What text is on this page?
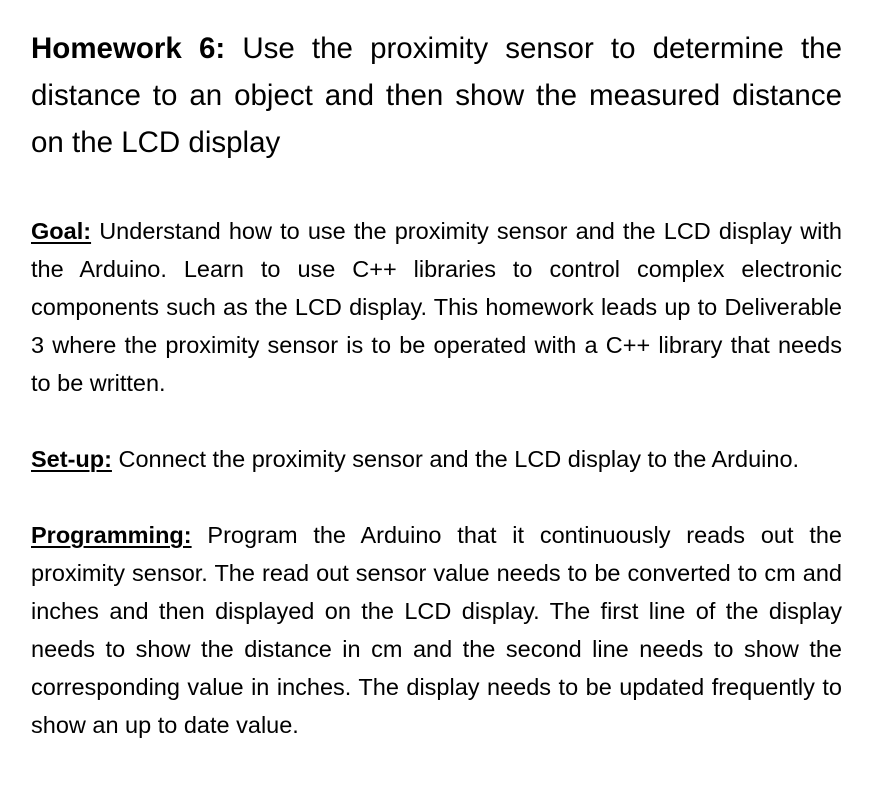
Homework 6: Use the proximity sensor to determine the distance to an object and then show the measured distance on the LCD display

Goal: Understand how to use the proximity sensor and the LCD display with the Arduino. Learn to use C++ libraries to control complex electronic components such as the LCD display. This homework leads up to Deliverable 3 where the proximity sensor is to be operated with a C++ library that needs to be written.

Set-up: Connect the proximity sensor and the LCD display to the Arduino.

Programming: Program the Arduino that it continuously reads out the proximity sensor. The read out sensor value needs to be converted to cm and inches and then displayed on the LCD display. The first line of the display needs to show the distance in cm and the second line needs to show the corresponding value in inches. The display needs to be updated frequently to show an up to date value.
